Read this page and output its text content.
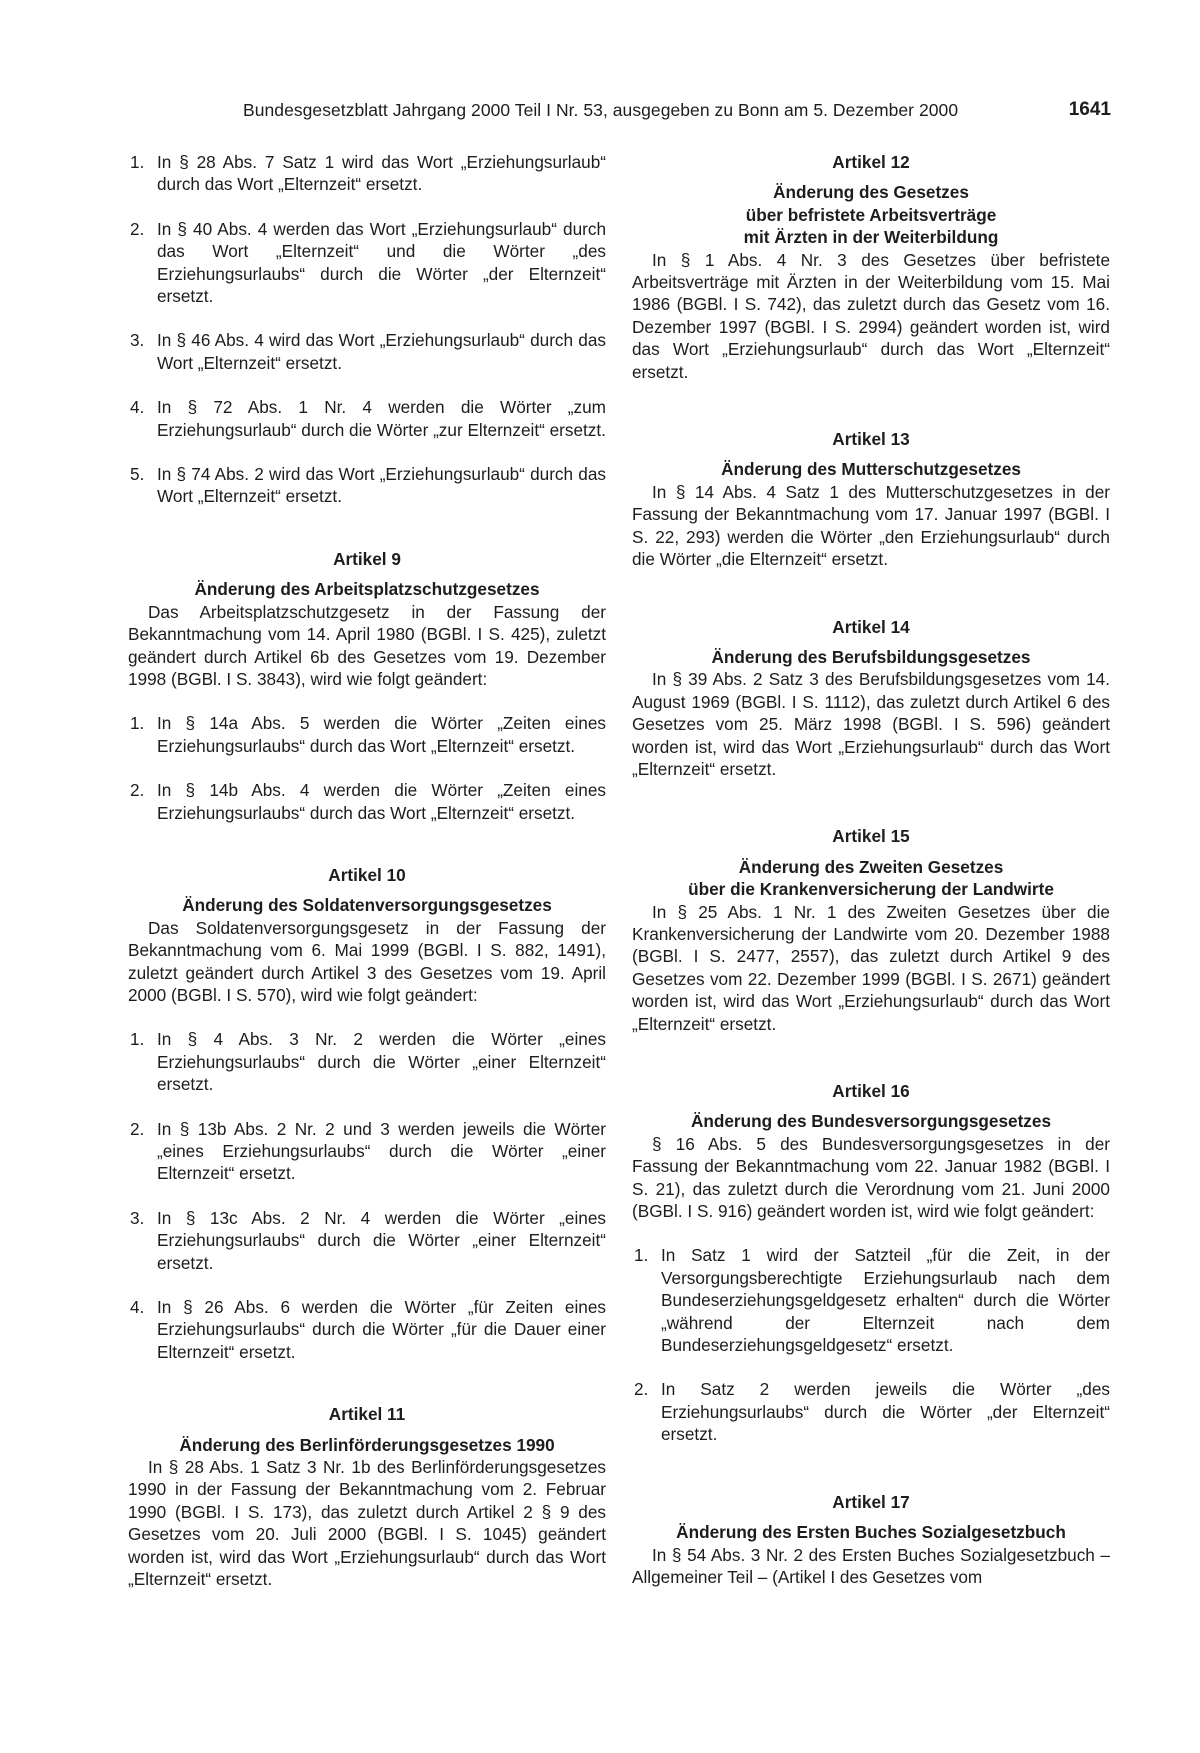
Bundesgesetzblatt Jahrgang 2000 Teil I Nr. 53, ausgegeben zu Bonn am 5. Dezember 2000	1641
1. In § 28 Abs. 7 Satz 1 wird das Wort „Erziehungsurlaub“ durch das Wort „Elternzeit“ ersetzt.
2. In § 40 Abs. 4 werden das Wort „Erziehungsurlaub“ durch das Wort „Elternzeit“ und die Wörter „des Erziehungsurlaubs“ durch die Wörter „der Elternzeit“ ersetzt.
3. In § 46 Abs. 4 wird das Wort „Erziehungsurlaub“ durch das Wort „Elternzeit“ ersetzt.
4. In § 72 Abs. 1 Nr. 4 werden die Wörter „zum Erziehungsurlaub“ durch die Wörter „zur Elternzeit“ ersetzt.
5. In § 74 Abs. 2 wird das Wort „Erziehungsurlaub“ durch das Wort „Elternzeit“ ersetzt.
Artikel 9
Änderung des Arbeitsplatzschutzgesetzes
Das Arbeitsplatzschutzgesetz in der Fassung der Bekanntmachung vom 14. April 1980 (BGBl. I S. 425), zuletzt geändert durch Artikel 6b des Gesetzes vom 19. Dezember 1998 (BGBl. I S. 3843), wird wie folgt geändert:
1. In § 14a Abs. 5 werden die Wörter „Zeiten eines Erziehungsurlaubs“ durch das Wort „Elternzeit“ ersetzt.
2. In § 14b Abs. 4 werden die Wörter „Zeiten eines Erziehungsurlaubs“ durch das Wort „Elternzeit“ ersetzt.
Artikel 10
Änderung des Soldatenversorgungsgesetzes
Das Soldatenversorgungsgesetz in der Fassung der Bekanntmachung vom 6. Mai 1999 (BGBl. I S. 882, 1491), zuletzt geändert durch Artikel 3 des Gesetzes vom 19. April 2000 (BGBl. I S. 570), wird wie folgt geändert:
1. In § 4 Abs. 3 Nr. 2 werden die Wörter „eines Erziehungsurlaubs“ durch die Wörter „einer Elternzeit“ ersetzt.
2. In § 13b Abs. 2 Nr. 2 und 3 werden jeweils die Wörter „eines Erziehungsurlaubs“ durch die Wörter „einer Elternzeit“ ersetzt.
3. In § 13c Abs. 2 Nr. 4 werden die Wörter „eines Erziehungsurlaubs“ durch die Wörter „einer Elternzeit“ ersetzt.
4. In § 26 Abs. 6 werden die Wörter „für Zeiten eines Erziehungsurlaubs“ durch die Wörter „für die Dauer einer Elternzeit“ ersetzt.
Artikel 11
Änderung des Berlinförderungsgesetzes 1990
In § 28 Abs. 1 Satz 3 Nr. 1b des Berlinförderungsgesetzes 1990 in der Fassung der Bekanntmachung vom 2. Februar 1990 (BGBl. I S. 173), das zuletzt durch Artikel 2 § 9 des Gesetzes vom 20. Juli 2000 (BGBl. I S. 1045) geändert worden ist, wird das Wort „Erziehungsurlaub“ durch das Wort „Elternzeit“ ersetzt.
Artikel 12
Änderung des Gesetzes
über befristete Arbeitsverträge
mit Ärzten in der Weiterbildung
In § 1 Abs. 4 Nr. 3 des Gesetzes über befristete Arbeitsverträge mit Ärzten in der Weiterbildung vom 15. Mai 1986 (BGBl. I S. 742), das zuletzt durch das Gesetz vom 16. Dezember 1997 (BGBl. I S. 2994) geändert worden ist, wird das Wort „Erziehungsurlaub“ durch das Wort „Elternzeit“ ersetzt.
Artikel 13
Änderung des Mutterschutzgesetzes
In § 14 Abs. 4 Satz 1 des Mutterschutzgesetzes in der Fassung der Bekanntmachung vom 17. Januar 1997 (BGBl. I S. 22, 293) werden die Wörter „den Erziehungsurlaub“ durch die Wörter „die Elternzeit“ ersetzt.
Artikel 14
Änderung des Berufsbildungsgesetzes
In § 39 Abs. 2 Satz 3 des Berufsbildungsgesetzes vom 14. August 1969 (BGBl. I S. 1112), das zuletzt durch Artikel 6 des Gesetzes vom 25. März 1998 (BGBl. I S. 596) geändert worden ist, wird das Wort „Erziehungsurlaub“ durch das Wort „Elternzeit“ ersetzt.
Artikel 15
Änderung des Zweiten Gesetzes
über die Krankenversicherung der Landwirte
In § 25 Abs. 1 Nr. 1 des Zweiten Gesetzes über die Krankenversicherung der Landwirte vom 20. Dezember 1988 (BGBl. I S. 2477, 2557), das zuletzt durch Artikel 9 des Gesetzes vom 22. Dezember 1999 (BGBl. I S. 2671) geändert worden ist, wird das Wort „Erziehungsurlaub“ durch das Wort „Elternzeit“ ersetzt.
Artikel 16
Änderung des Bundesversorgungsgesetzes
§ 16 Abs. 5 des Bundesversorgungsgesetzes in der Fassung der Bekanntmachung vom 22. Januar 1982 (BGBl. I S. 21), das zuletzt durch die Verordnung vom 21. Juni 2000 (BGBl. I S. 916) geändert worden ist, wird wie folgt geändert:
1. In Satz 1 wird der Satzteil „für die Zeit, in der Versorgungsberechtigte Erziehungsurlaub nach dem Bundeserziehungsgeldgesetz erhalten“ durch die Wörter „während der Elternzeit nach dem Bundeserziehungsgeldgesetz“ ersetzt.
2. In Satz 2 werden jeweils die Wörter „des Erziehungsurlaubs“ durch die Wörter „der Elternzeit“ ersetzt.
Artikel 17
Änderung des Ersten Buches Sozialgesetzbuch
In § 54 Abs. 3 Nr. 2 des Ersten Buches Sozialgesetzbuch – Allgemeiner Teil – (Artikel I des Gesetzes vom
